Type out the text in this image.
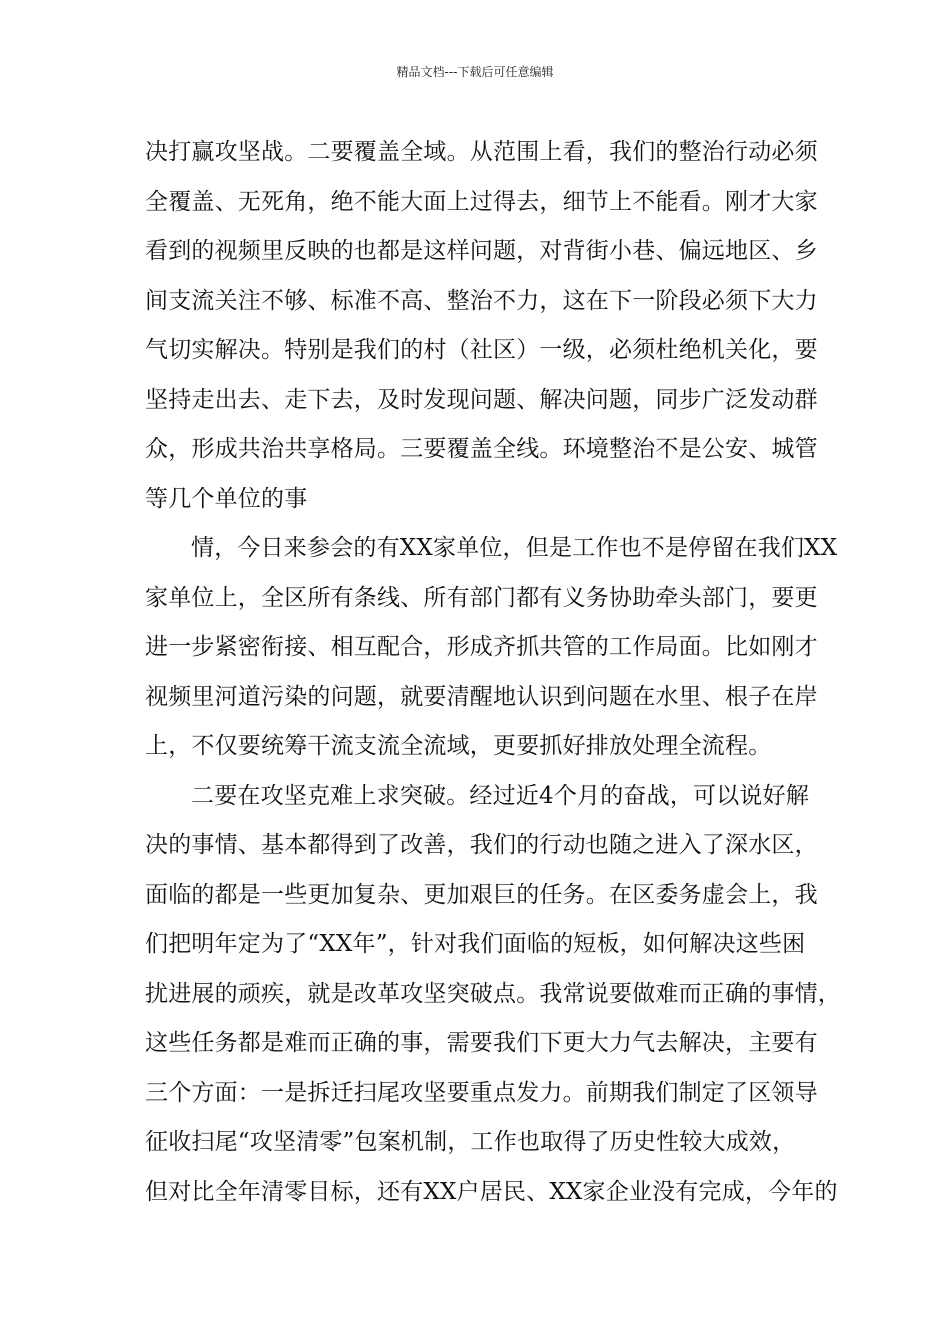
精品文档---下载后可任意编辑
决打赢攻坚战。二要覆盖全域。从范围上看，我们的整治行动必须
全覆盖、无死角，绝不能大面上过得去，细节上不能看。刚才大家
看到的视频里反映的也都是这样问题，对背街小巷、偏远地区、乡
间支流关注不够、标准不高、整治不力，这在下一阶段必须下大力
气切实解决。特别是我们的村（社区）一级，必须杜绝机关化，要
坚持走出去、走下去，及时发现问题、解决问题，同步广泛发动群
众，形成共治共享格局。三要覆盖全线。环境整治不是公安、城管
等几个单位的事
情，今日来参会的有XX家单位，但是工作也不是停留在我们XX
家单位上，全区所有条线、所有部门都有义务协助牵头部门，要更
进一步紧密衔接、相互配合，形成齐抓共管的工作局面。比如刚才
视频里河道污染的问题，就要清醒地认识到问题在水里、根子在岸
上，不仅要统筹干流支流全流域，更要抓好排放处理全流程。
二要在攻坚克难上求突破。经过近4个月的奋战，可以说好解
决的事情、基本都得到了改善，我们的行动也随之进入了深水区，
面临的都是一些更加复杂、更加艰巨的任务。在区委务虚会上，我
们把明年定为了“XX年”，针对我们面临的短板，如何解决这些困
扰进展的顽疾，就是改革攻坚突破点。我常说要做难而正确的事情，
这些任务都是难而正确的事，需要我们下更大力气去解决，主要有
三个方面：一是拆迁扫尾攻坚要重点发力。前期我们制定了区领导
征收扫尾“攻坚清零”包案机制，工作也取得了历史性较大成效，
但对比全年清零目标，还有XX户居民、XX家企业没有完成，今年的
